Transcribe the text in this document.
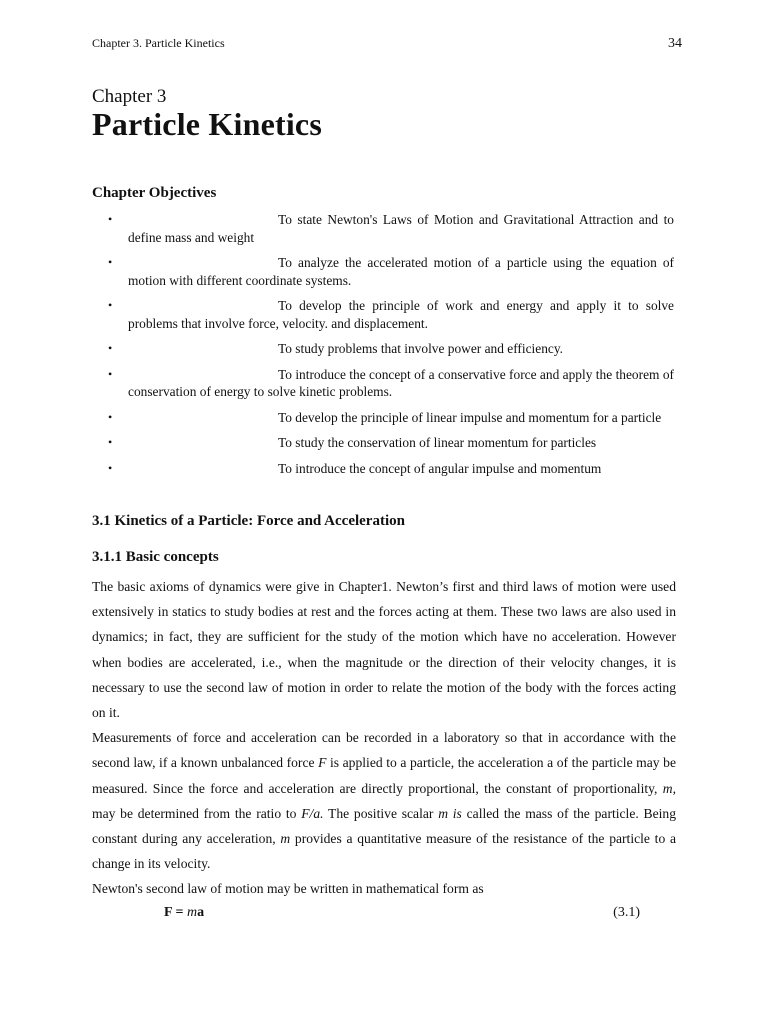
Chapter 3. Particle Kinetics	34
Chapter 3
Particle Kinetics
Chapter Objectives
•	To state Newton's Laws of Motion and Gravitational Attraction and to define mass and weight
•	To analyze the accelerated motion of a particle using the equation of motion with different coordinate systems.
•	To develop the principle of work and energy and apply it to solve problems that involve force, velocity. and displacement.
•	To study problems that involve power and efficiency.
•	To introduce the concept of a conservative force and apply the theorem of conservation of energy to solve kinetic problems.
•	To develop the principle of linear impulse and momentum for a particle
•	To study the conservation of linear momentum for particles
•	To introduce the concept of angular impulse and momentum
3.1 Kinetics of a Particle: Force and Acceleration
3.1.1 Basic concepts

The basic axioms of dynamics were give in Chapter1. Newton’s first and third laws of motion were used extensively in statics to study bodies at rest and the forces acting at them. These two laws are also used in dynamics; in fact, they are sufficient for the study of the motion which have no acceleration. However when bodies are accelerated, i.e., when the magnitude or the direction of their velocity changes, it is necessary to use the second law of motion in order to relate the motion of the body with the forces acting on it.

Measurements of force and acceleration can be recorded in a laboratory so that in accordance with the second law, if a known unbalanced force F is applied to a particle, the acceleration a of the particle may be measured. Since the force and acceleration are directly proportional, the constant of proportionality, m, may be determined from the ratio to F/a. The positive scalar m is called the mass of the particle. Being constant during any acceleration, m provides a quantitative measure of the resistance of the particle to a change in its velocity.

Newton's second law of motion may be written in mathematical form as

F = ma	(3.1)
